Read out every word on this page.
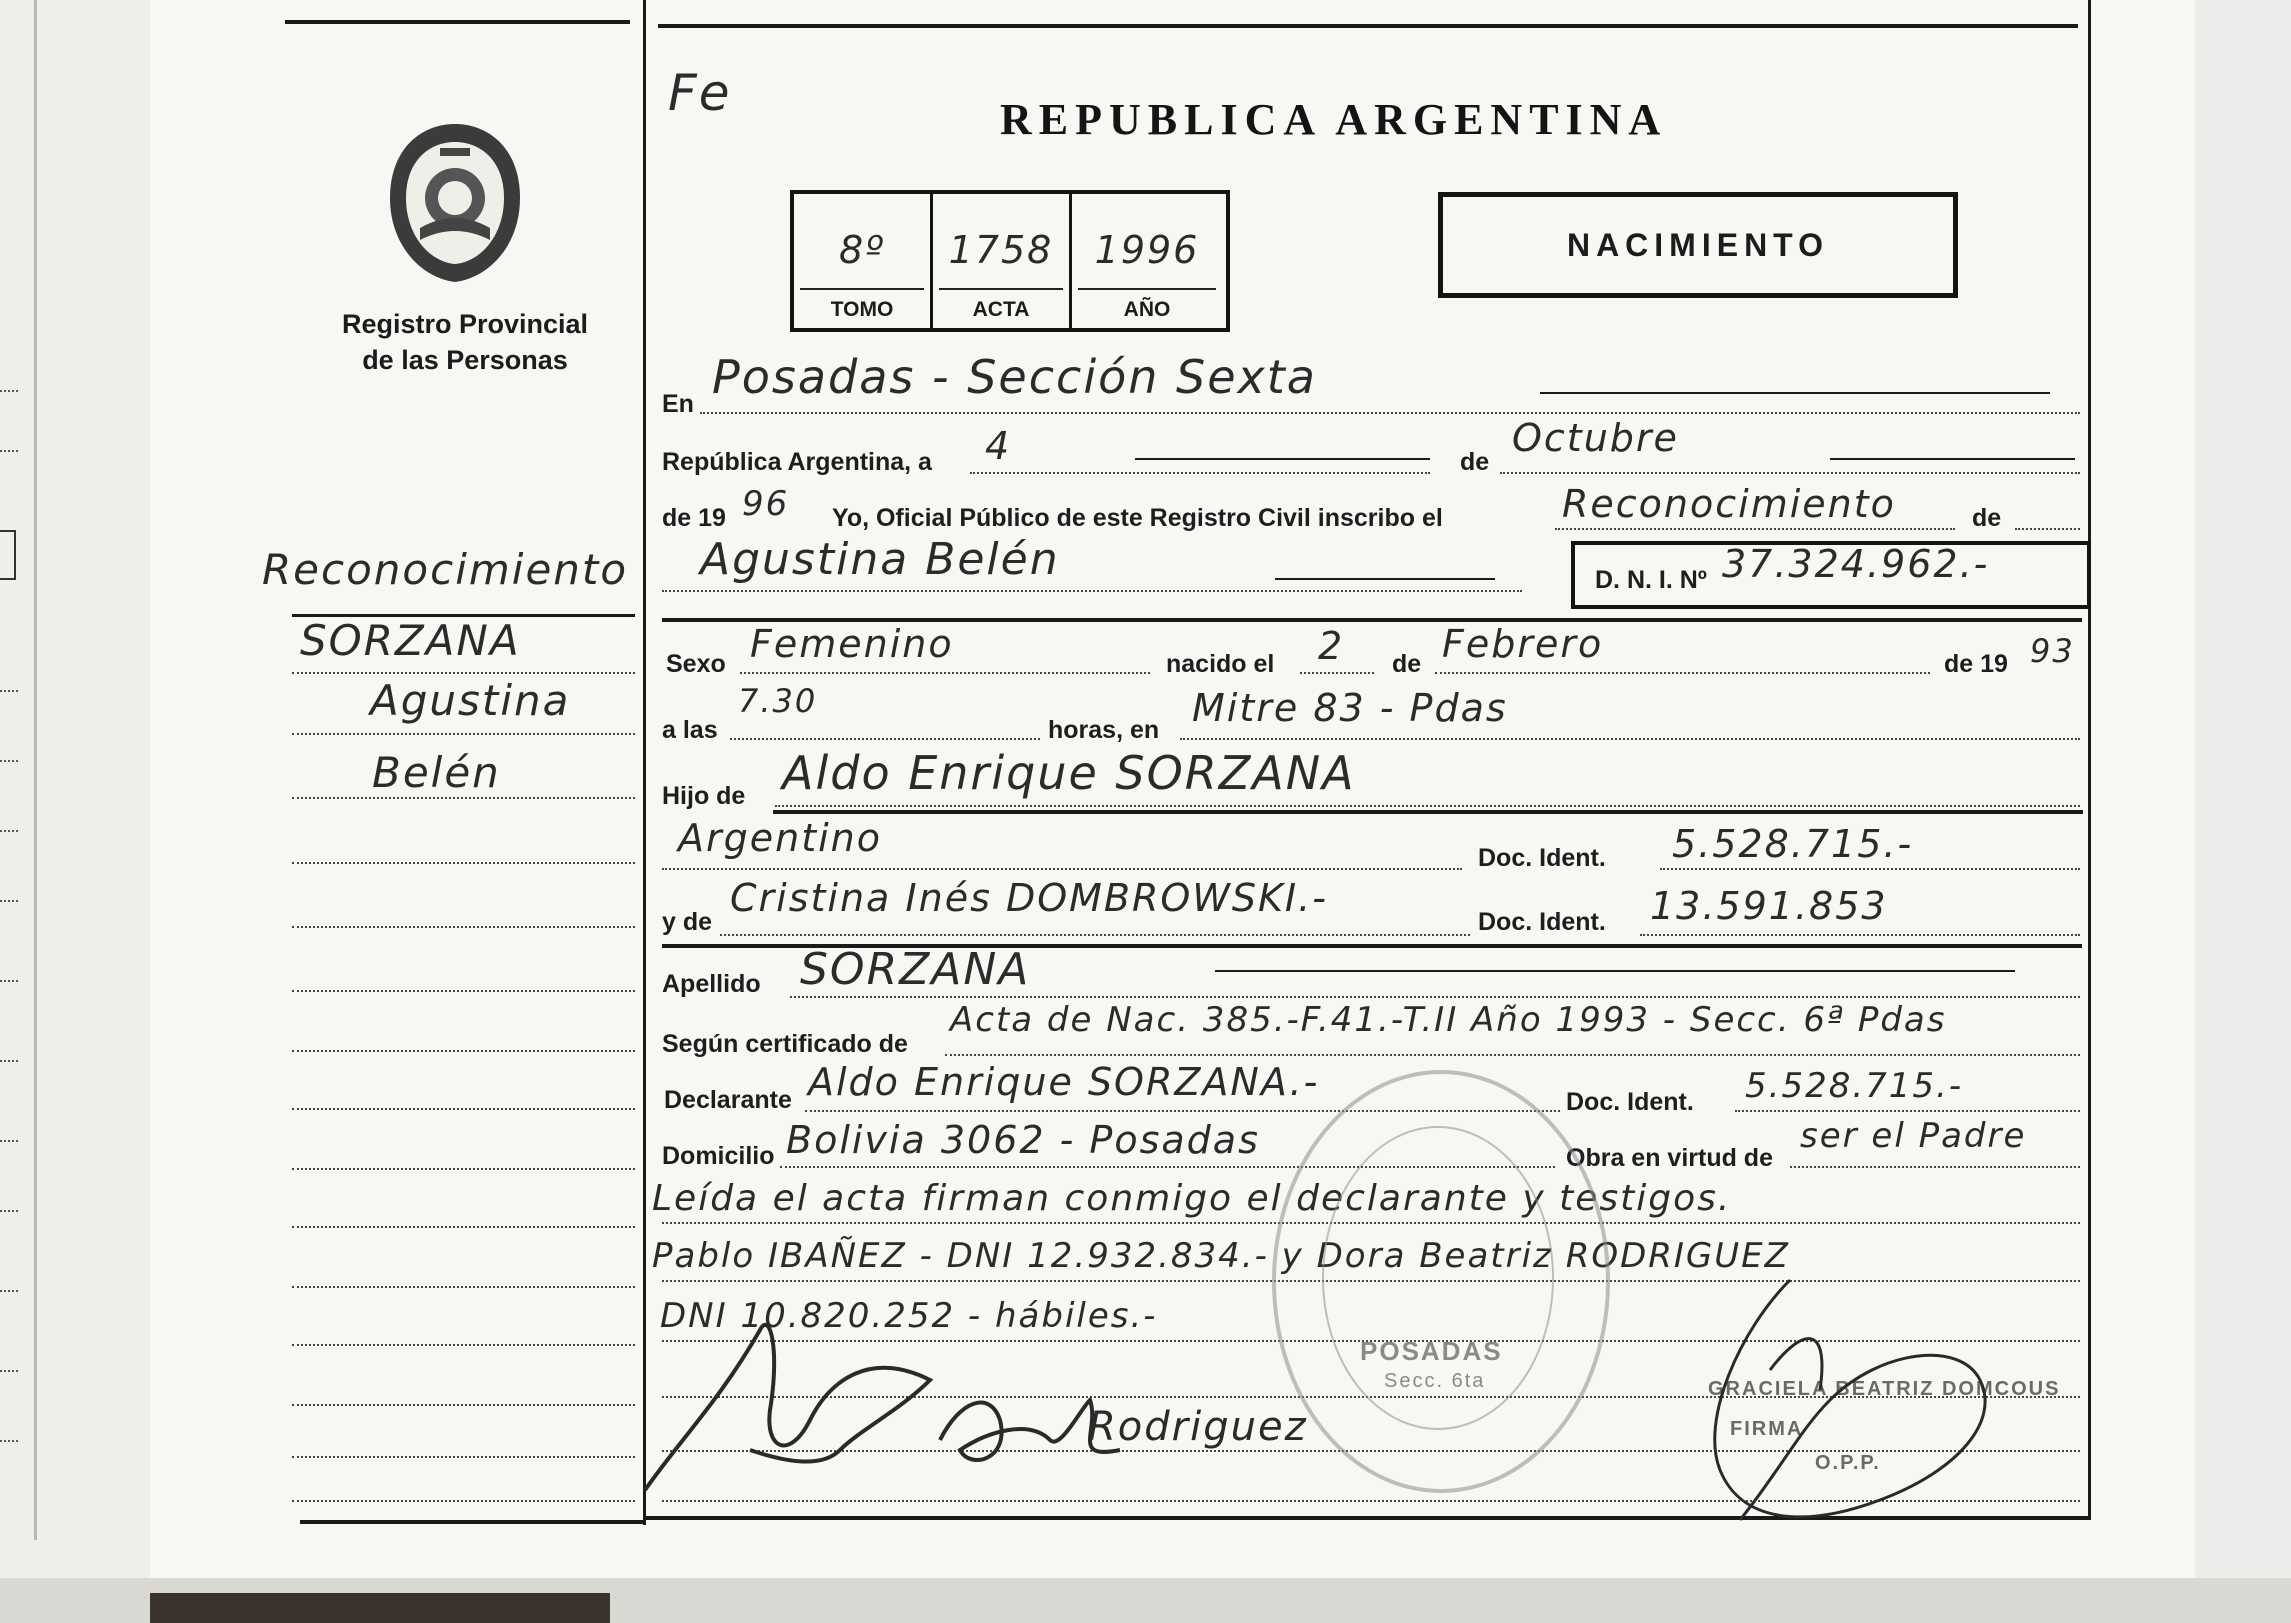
Fe	REPUBLICA ARGENTINA
8º
TOMO
1758
ACTA
1996
AÑO
NACIMIENTO
Registro Provincial
de las Personas
Reconocimiento
SORZANA
Agustina
Belén
En Posadas - Sección Sexta
República Argentina, a 4	de
Octubre
de 19 96 Yo, Oficial Público de este Registro Civil inscribo el	Reconocimiento	de
Agustina Belén	D. N. I. Nº 37.324.962.-
Sexo Femenino	nacido el 2 de Febrero	de 19 93
a las
7.30
horas, en Mitre 83 - Pdas
Hijo de Aldo Enrique SORZANA
Argentino	Doc. Ident. 5.528.715.-
y de
Cristina Inés DOMBROWSKI.-
Doc. Ident. 13.591.853
Apellido SORZANA
Según certificado de
Acta de Nac. 385.-F.41.-T.II Año 1993 - Secc. 6ª Pdas
Declarante Aldo Enrique SORZANA.-	Doc. Ident. 5.528.715.-
Domicilio Bolivia 3062 - Posadas	Obra en virtud de
ser el Padre
Leída el acta firman conmigo el declarante y testigos.
Pablo IBAÑEZ - DNI 12.932.834.- y Dora Beatriz RODRIGUEZ
DNI 10.820.252 - hábiles.-
POSADAS
Secc. 6ta	GRACIELA BEATRIZ DOMCOUS
FIRMA
O.P.P.
Rodriguez
